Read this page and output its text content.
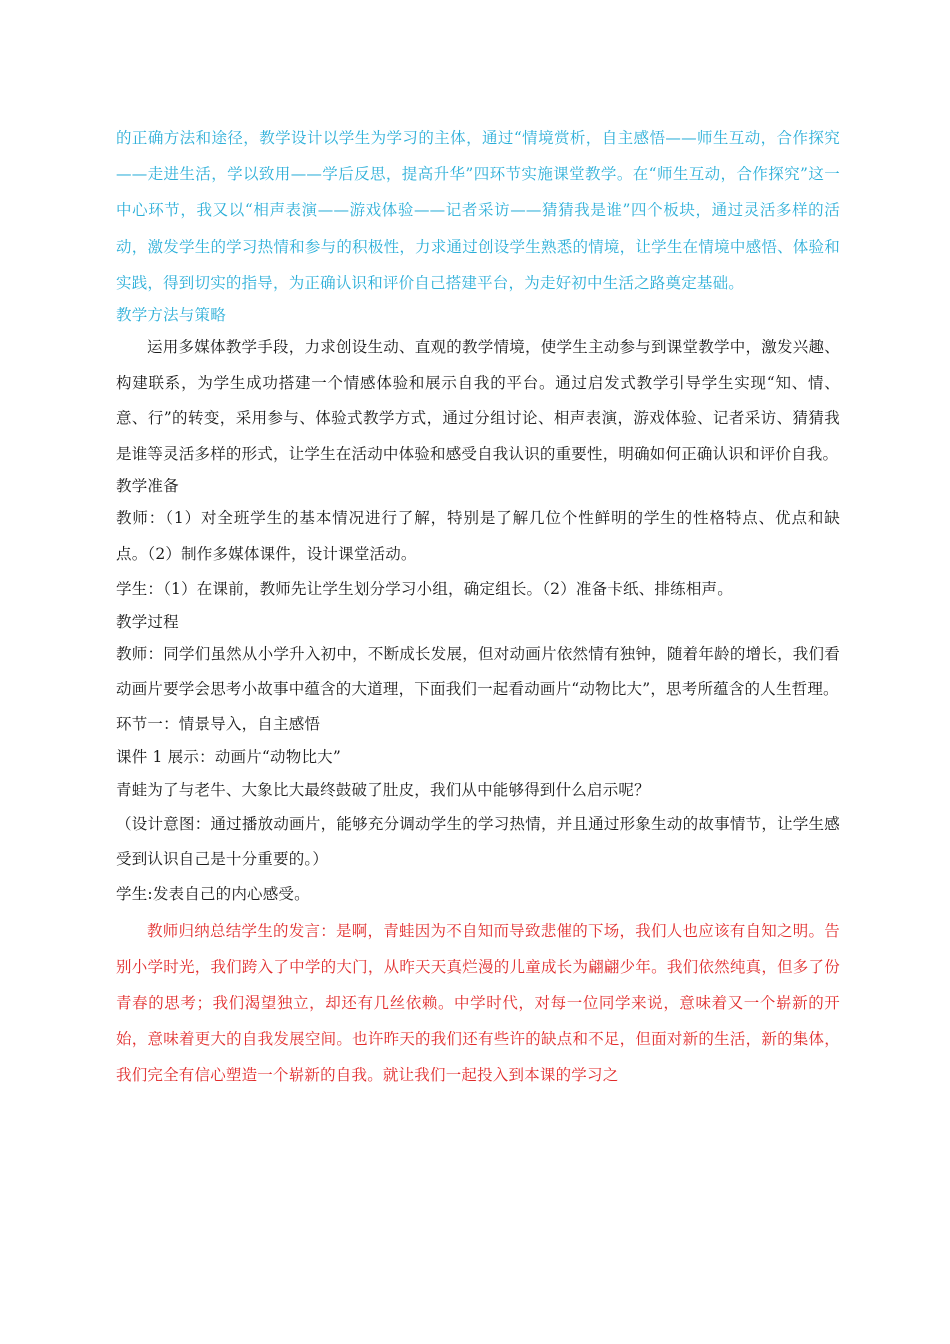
的正确方法和途径，教学设计以学生为学习的主体，通过“情境赏析，自主感悟——师生互动，合作探究——走进生活，学以致用——学后反思，提高升华”四环节实施课堂教学。在“师生互动，合作探究”这一中心环节，我又以“相声表演——游戏体验——记者采访——猜猜我是谁”四个板块，通过灵活多样的活动，激发学生的学习热情和参与的积极性，力求通过创设学生熟悉的情境，让学生在情境中感悟、体验和实践，得到切实的指导，为正确认识和评价自己搭建平台，为走好初中生活之路奠定基础。

教学方法与策略

运用多媒体教学手段，力求创设生动、直观的教学情境，使学生主动参与到课堂教学中，激发兴趣、构建联系，为学生成功搭建一个情感体验和展示自我的平台。通过启发式教学引导学生实现“知、情、意、行”的转变，采用参与、体验式教学方式，通过分组讨论、相声表演，游戏体验、记者采访、猜猜我是谁等灵活多样的形式，让学生在活动中体验和感受自我认识的重要性，明确如何正确认识和评价自我。

教学准备

教师：（1）对全班学生的基本情况进行了解，特别是了解几位个性鲜明的学生的性格特点、优点和缺点。（2）制作多媒体课件，设计课堂活动。

学生：（1）在课前，教师先让学生划分学习小组，确定组长。（2）准备卡纸、排练相声。

教学过程

教师：同学们虽然从小学升入初中，不断成长发展，但对动画片依然情有独钟，随着年龄的增长，我们看动画片要学会思考小故事中蕴含的大道理，下面我们一起看动画片“动物比大”，思考所蕴含的人生哲理。

环节一：情景导入，自主感悟

课件 1 展示：动画片“动物比大”

青蛙为了与老牛、大象比大最终鼓破了肚皮，我们从中能够得到什么启示呢？

（设计意图：通过播放动画片，能够充分调动学生的学习热情，并且通过形象生动的故事情节，让学生感受到认识自己是十分重要的。）

学生:发表自己的内心感受。

教师归纳总结学生的发言：是啊，青蛙因为不自知而导致悲催的下场，我们人也应该有自知之明。告别小学时光，我们跨入了中学的大门，从昨天天真烂漫的儿童成长为翩翩少年。我们依然纯真，但多了份青春的思考；我们渴望独立，却还有几丝依赖。中学时代，对每一位同学来说，意味着又一个崭新的开始，意味着更大的自我发展空间。也许昨天的我们还有些许的缺点和不足，但面对新的生活，新的集体，我们完全有信心塑造一个崭新的自我。就让我们一起投入到本课的学习之
